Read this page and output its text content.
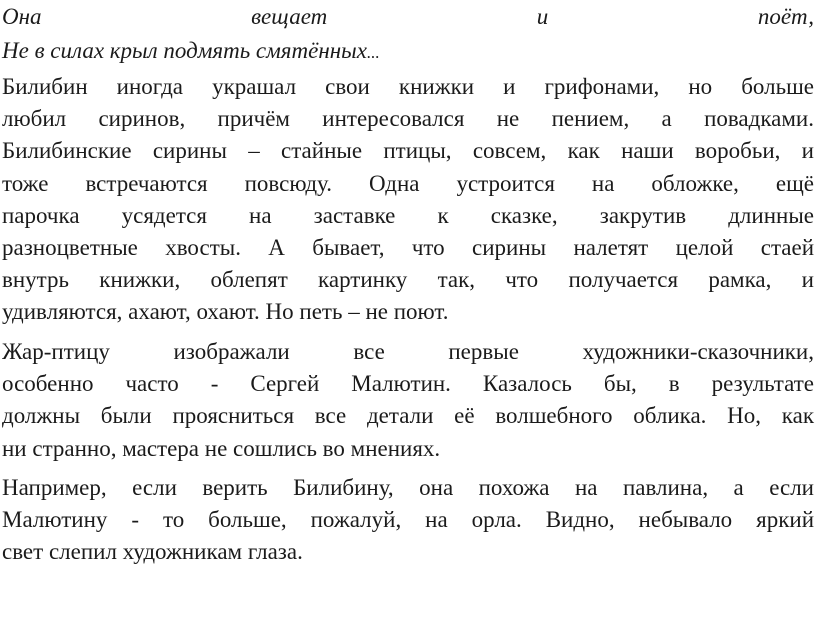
Она	вещает	и	поёт,
Не в силах крыл подмять смятённых...
Билибин иногда украшал свои книжки и грифонами, но больше
любил сиринов, причём интересовался не пением, а повадками.
Билибинские сирины – стайные птицы, совсем, как наши воробьи, и
тоже встречаются повсюду. Одна устроится на обложке, ещё
парочка усядется на заставке к сказке, закрутив длинные
разноцветные хвосты. А бывает, что сирины налетят целой стаей
внутрь книжки, облепят картинку так, что получается рамка, и
удивляются, ахают, охают. Но петь – не поют.
Жар-птицу изображали все первые художники-сказочники,
особенно часто - Сергей Малютин. Казалось бы, в результате
должны были проясниться все детали её волшебного облика. Но, как
ни странно, мастера не сошлись во мнениях.
Например, если верить Билибину, она похожа на павлина, а если
Малютину - то больше, пожалуй, на орла. Видно, небывало яркий
свет слепил художникам глаза.
